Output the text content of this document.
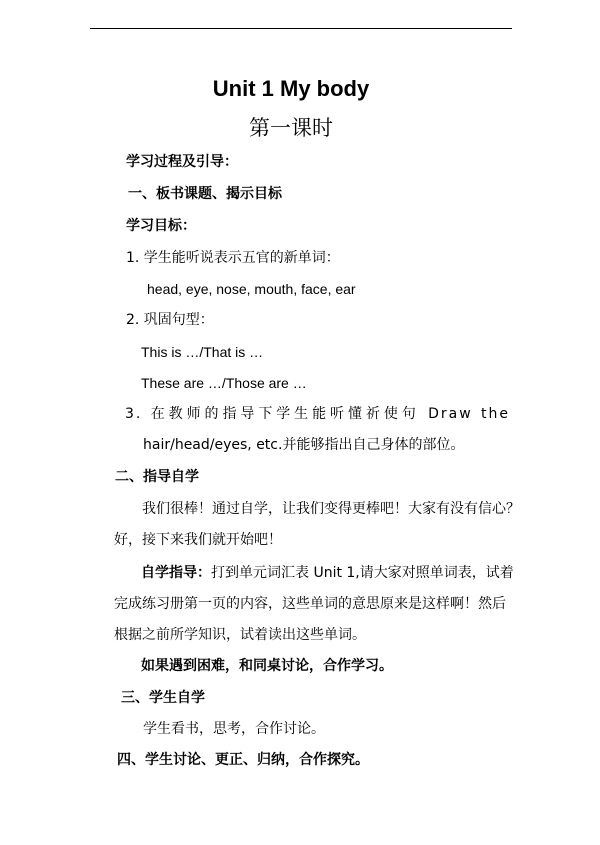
Unit 1 My body
第一课时
学习过程及引导：
一、板书课题、揭示目标
学习目标：
1. 学生能听说表示五官的新单词：
head, eye, nose, mouth, face, ear
2. 巩固句型：
This is …/That is …
These are …/Those are …
3. 在教师的指导下学生能听懂祈使句 Draw the
hair/head/eyes, etc.并能够指出自己身体的部位。
二、指导自学
我们很棒！通过自学，让我们变得更棒吧！大家有没有信心？
好，接下来我们就开始吧！
自学指导：打到单元词汇表 Unit 1,请大家对照单词表，试着
完成练习册第一页的内容，这些单词的意思原来是这样啊！然后
根据之前所学知识，试着读出这些单词。
如果遇到困难，和同桌讨论，合作学习。
三、学生自学
学生看书，思考，合作讨论。
四、学生讨论、更正、归纳，合作探究。
